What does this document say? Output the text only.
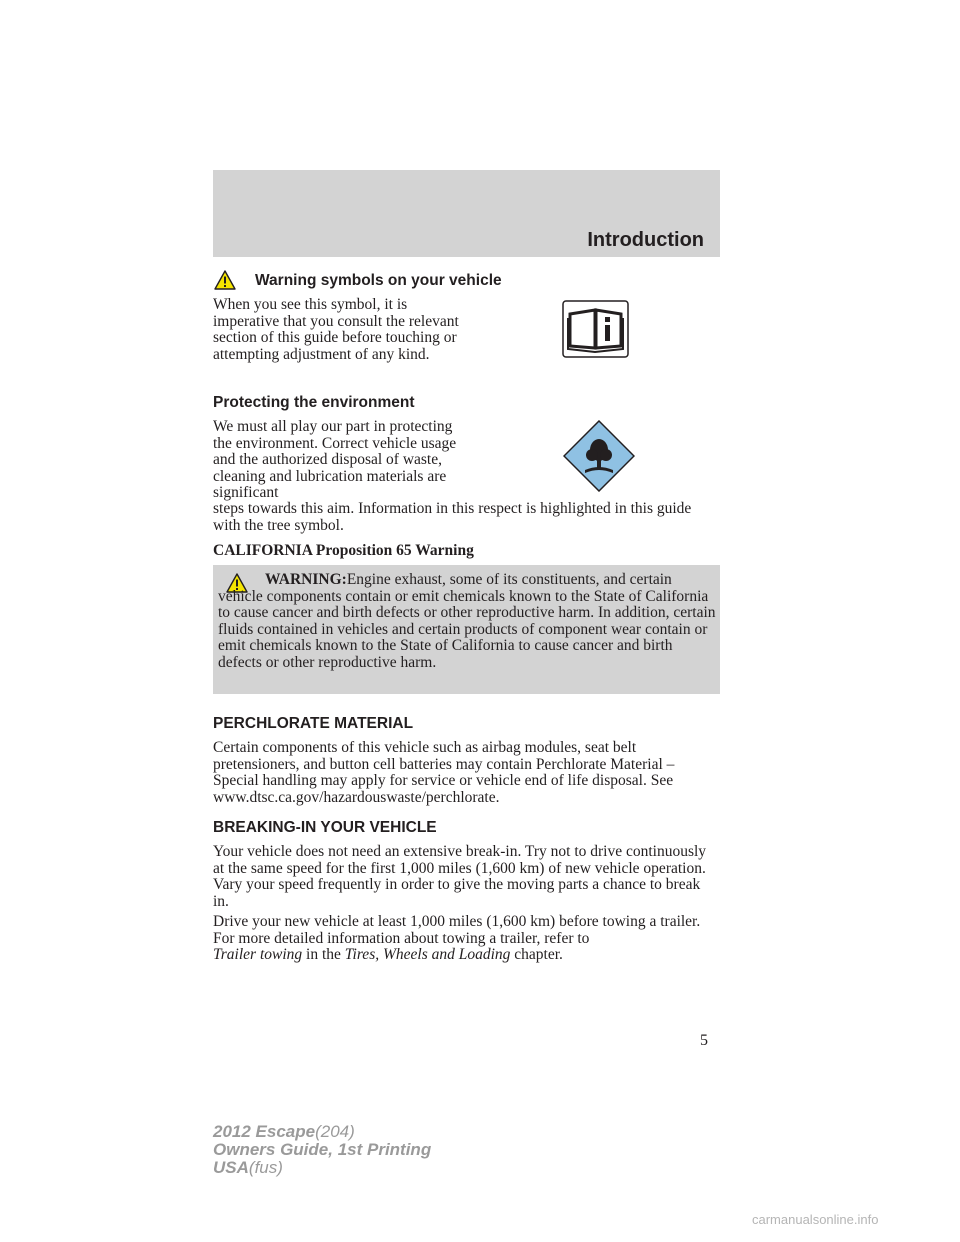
Introduction
Warning symbols on your vehicle
When you see this symbol, it is imperative that you consult the relevant section of this guide before touching or attempting adjustment of any kind.
Protecting the environment
We must all play our part in protecting the environment. Correct vehicle usage and the authorized disposal of waste, cleaning and lubrication materials are significant
steps towards this aim. Information in this respect is highlighted in this guide with the tree symbol.
CALIFORNIA Proposition 65 Warning
WARNING:Engine exhaust, some of its constituents, and certain vehicle components contain or emit chemicals known to the State of California to cause cancer and birth defects or other reproductive harm. In addition, certain fluids contained in vehicles and certain products of component wear contain or emit chemicals known to the State of California to cause cancer and birth defects or other reproductive harm.
PERCHLORATE MATERIAL
Certain components of this vehicle such as airbag modules, seat belt pretensioners, and button cell batteries may contain Perchlorate Material – Special handling may apply for service or vehicle end of life disposal. See www.dtsc.ca.gov/hazardouswaste/perchlorate.
BREAKING-IN YOUR VEHICLE
Your vehicle does not need an extensive break-in. Try not to drive continuously at the same speed for the first 1,000 miles (1,600 km) of new vehicle operation. Vary your speed frequently in order to give the moving parts a chance to break in.
Drive your new vehicle at least 1,000 miles (1,600 km) before towing a trailer. For more detailed information about towing a trailer, refer to
Trailer towing in the Tires, Wheels and Loading chapter.
5
2012 Escape(204)
Owners Guide, 1st Printing
USA(fus)
carmanualsonline.info
